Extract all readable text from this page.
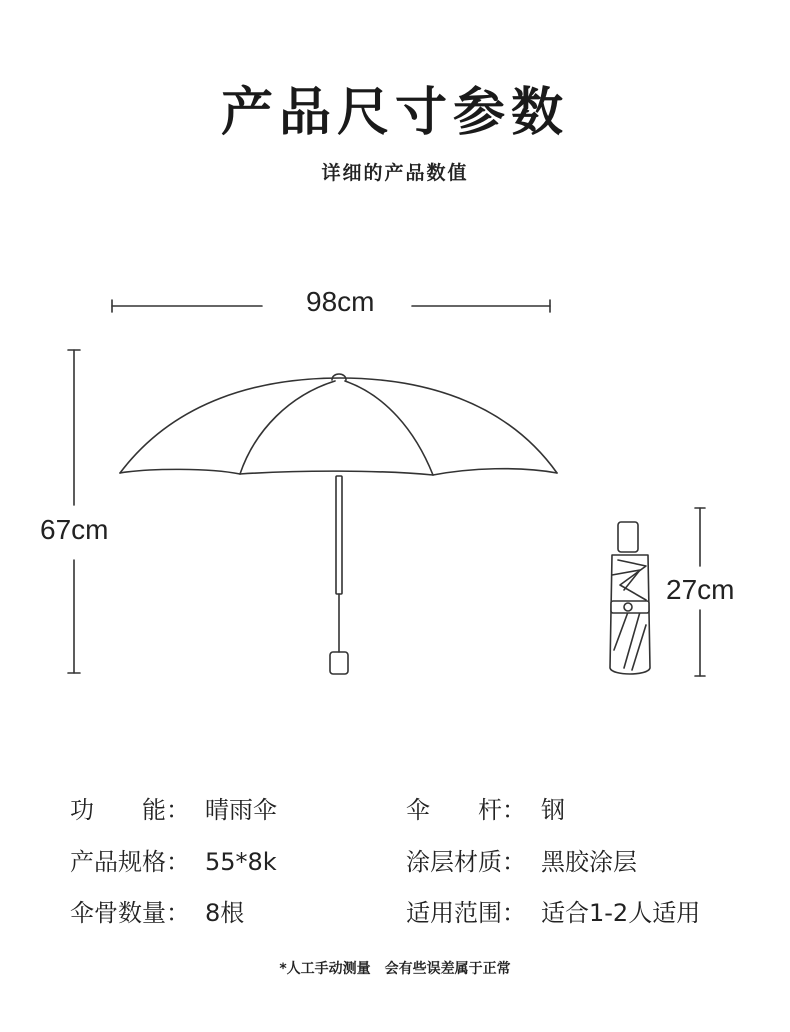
产品尺寸参数
详细的产品数值
98cm
67cm
27cm
功　　能： 晴雨伞
产品规格： 55*8k
伞骨数量： 8根
伞　　杆： 钢
涂层材质： 黑胶涂层
适用范围： 适合1-2人适用
*人工手动测量　会有些误差属于正常
